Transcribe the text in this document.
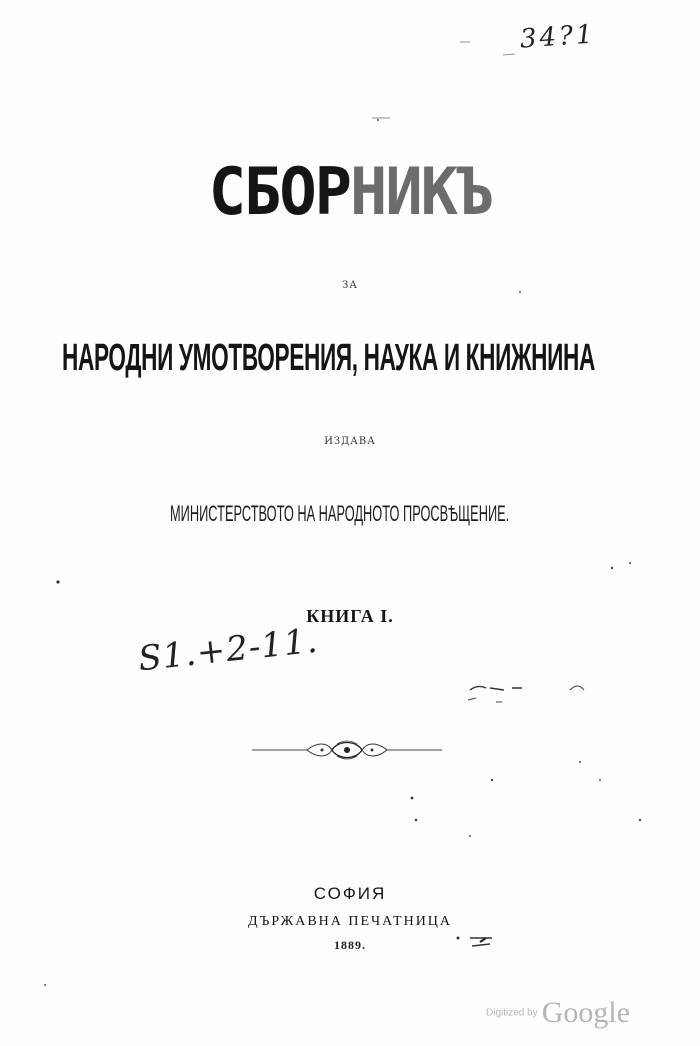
34?1
СБОРНИКЪ
ЗА
НАРОДНИ УМОТВОРЕНИЯ, НАУКА И КНИЖНИНА
ИЗДАВА
МИНИСТЕРСТВОТО НА НАРОДНОТО ПРОСВѢЩЕНИЕ.
КНИГА I.
Ѕ1.+2-11.
СОФИЯ
ДЪРЖАВНА ПЕЧАТНИЦА
1889.
Digitized by Google
